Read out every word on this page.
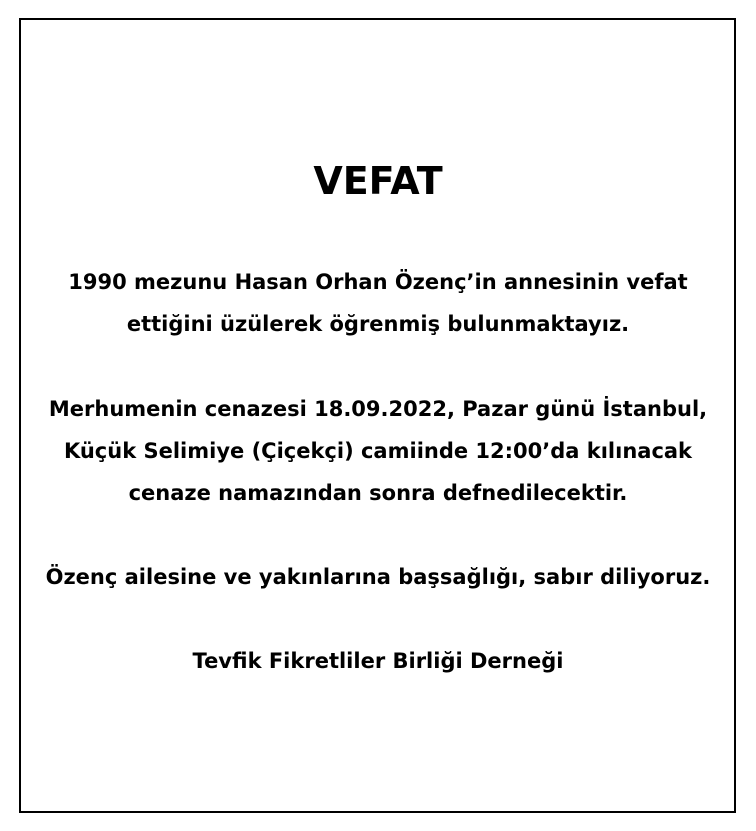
VEFAT
1990 mezunu Hasan Orhan Özenç’in annesinin vefat
ettiğini üzülerek öğrenmiş bulunmaktayız.
Merhumenin cenazesi 18.09.2022, Pazar günü İstanbul,
Küçük Selimiye (Çiçekçi) camiinde 12:00’da kılınacak
cenaze namazından sonra defnedilecektir.
Özenç ailesine ve yakınlarına başsağlığı, sabır diliyoruz.
Tevfik Fikretliler Birliği Derneği
